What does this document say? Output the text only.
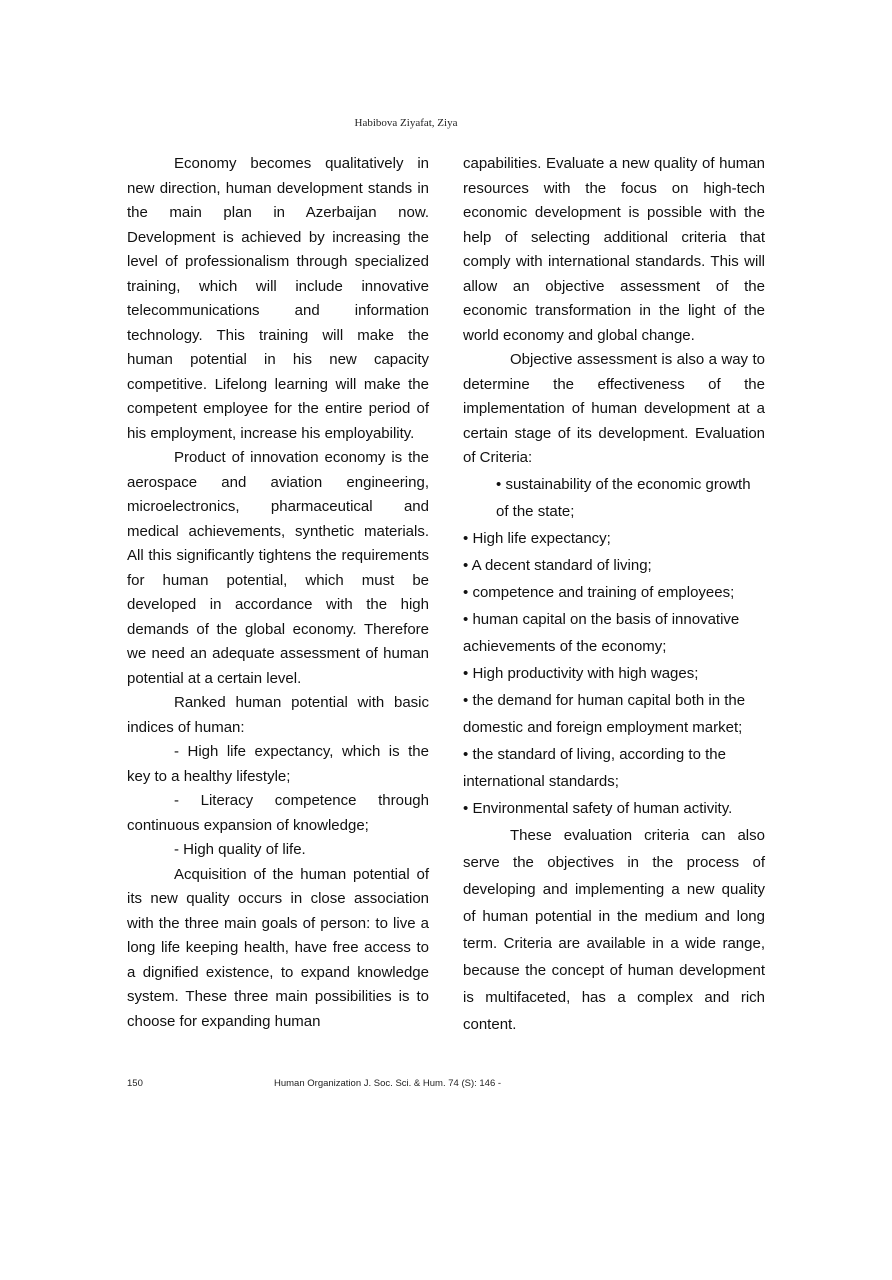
Habibova Ziyafat, Ziya

Economy becomes qualitatively in new direction, human development stands in the main plan in Azerbaijan now. Development is achieved by increasing the level of professionalism through specialized training, which will include innovative telecommunications and information technology. This training will make the human potential in his new capacity competitive. Lifelong learning will make the competent employee for the entire period of his employment, increase his employability.

Product of innovation economy is the aerospace and aviation engineering, microelectronics, pharmaceutical and medical achievements, synthetic materials. All this significantly tightens the requirements for human potential, which must be developed in accordance with the high demands of the global economy. Therefore we need an adequate assessment of human potential at a certain level.

Ranked human potential with basic indices of human:

- High life expectancy, which is the key to a healthy lifestyle;

- Literacy competence through continuous expansion of knowledge;

- High quality of life.

Acquisition of the human potential of its new quality occurs in close association with the three main goals of person: to live a long life keeping health, have free access to a dignified existence, to expand knowledge system. These three main possibilities is to choose for expanding human

capabilities. Evaluate a new quality of human resources with the focus on high-tech economic development is possible with the help of selecting additional criteria that comply with international standards. This will allow an objective assessment of the economic transformation in the light of the world economy and global change.

Objective assessment is also a way to determine the effectiveness of the implementation of human development at a certain stage of its development. Evaluation of Criteria:

• sustainability of the economic growth of the state;
• High life expectancy;
• A decent standard of living;
• competence and training of employees;
• human capital on the basis of innovative achievements of the economy;
• High productivity with high wages;
• the demand for human capital both in the domestic and foreign employment market;
• the standard of living, according to the international standards;
• Environmental safety of human activity.

These evaluation criteria can also serve the objectives in the process of developing and implementing a new quality of human potential in the medium and long term. Criteria are available in a wide range, because the concept of human development is multifaceted, has a complex and rich content.

150	Human Organization J. Soc. Sci. & Hum. 74 (S): 146 -
